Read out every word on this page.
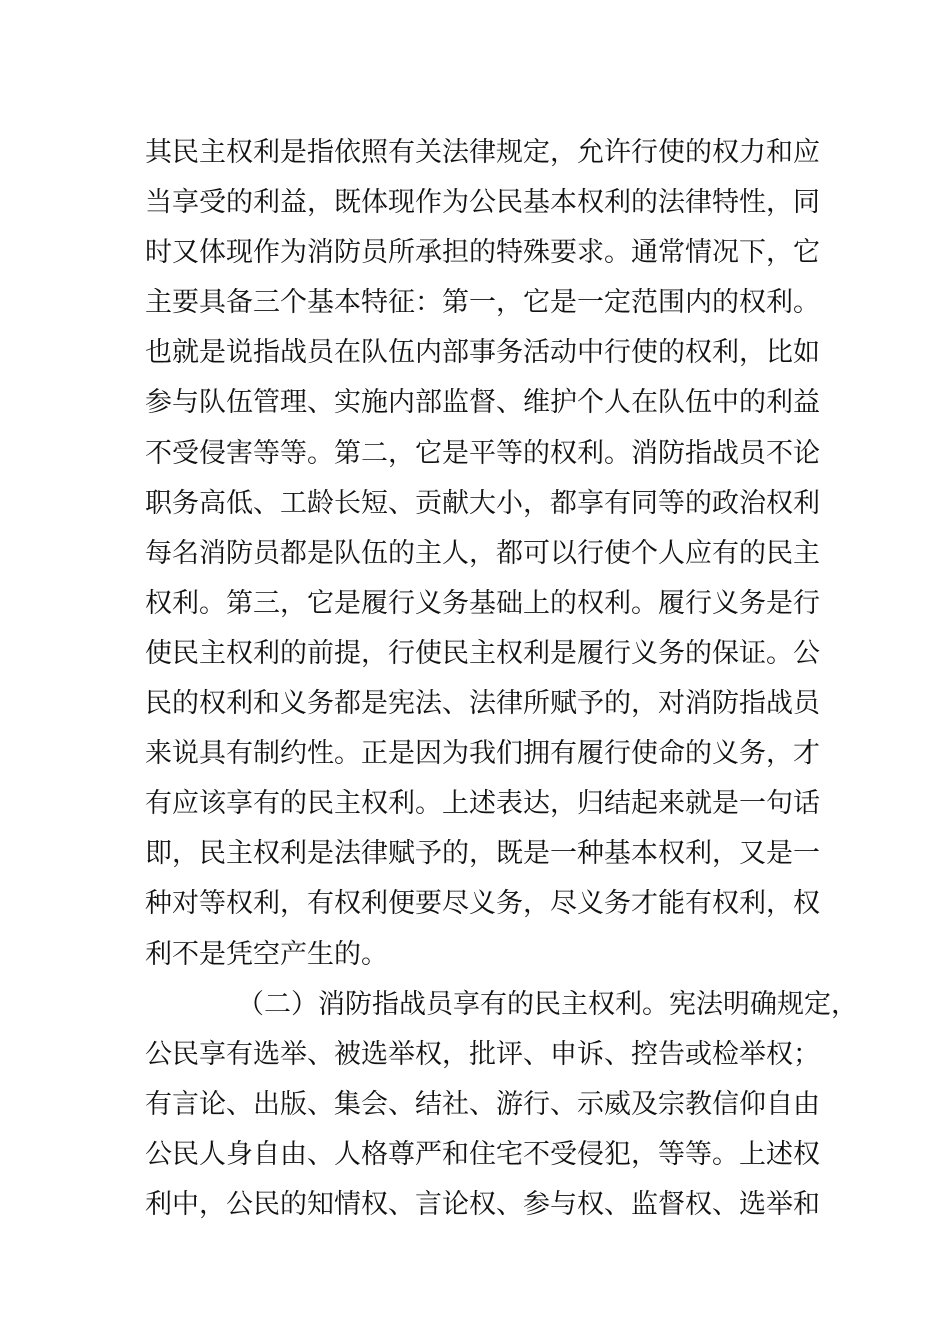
其民主权利是指依照有关法律规定，允许行使的权力和应
当享受的利益，既体现作为公民基本权利的法律特性，同
时又体现作为消防员所承担的特殊要求。通常情况下，它
主要具备三个基本特征：第一，它是一定范围内的权利。
也就是说指战员在队伍内部事务活动中行使的权利，比如
参与队伍管理、实施内部监督、维护个人在队伍中的利益
不受侵害等等。第二，它是平等的权利。消防指战员不论
职务高低、工龄长短、贡献大小，都享有同等的政治权利
每名消防员都是队伍的主人，都可以行使个人应有的民主
权利。第三，它是履行义务基础上的权利。履行义务是行
使民主权利的前提，行使民主权利是履行义务的保证。公
民的权利和义务都是宪法、法律所赋予的，对消防指战员
来说具有制约性。正是因为我们拥有履行使命的义务，才
有应该享有的民主权利。上述表达，归结起来就是一句话
即，民主权利是法律赋予的，既是一种基本权利，又是一
种对等权利，有权利便要尽义务，尽义务才能有权利，权
利不是凭空产生的。
（二）消防指战员享有的民主权利。宪法明确规定，
公民享有选举、被选举权，批评、申诉、控告或检举权；
有言论、出版、集会、结社、游行、示威及宗教信仰自由
公民人身自由、人格尊严和住宅不受侵犯，等等。上述权
利中，公民的知情权、言论权、参与权、监督权、选举和
